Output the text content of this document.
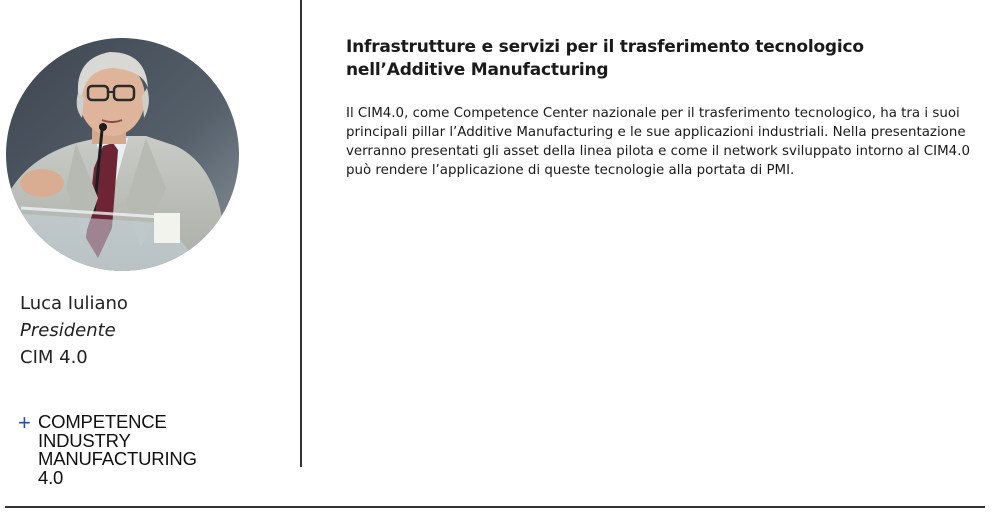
Luca Iuliano
Presidente
CIM 4.0
+ COMPETENCE
INDUSTRY
MANUFACTURING
4.0
Infrastrutture e servizi per il trasferimento tecnologico nell’Additive Manufacturing

Il CIM4.0, come Competence Center nazionale per il trasferimento tecnologico, ha tra i suoi principali pillar l’Additive Manufacturing e le sue applicazioni industriali. Nella presentazione verranno presentati gli asset della linea pilota e come il network sviluppato intorno al CIM4.0 può rendere l’applicazione di queste tecnologie alla portata di PMI.
